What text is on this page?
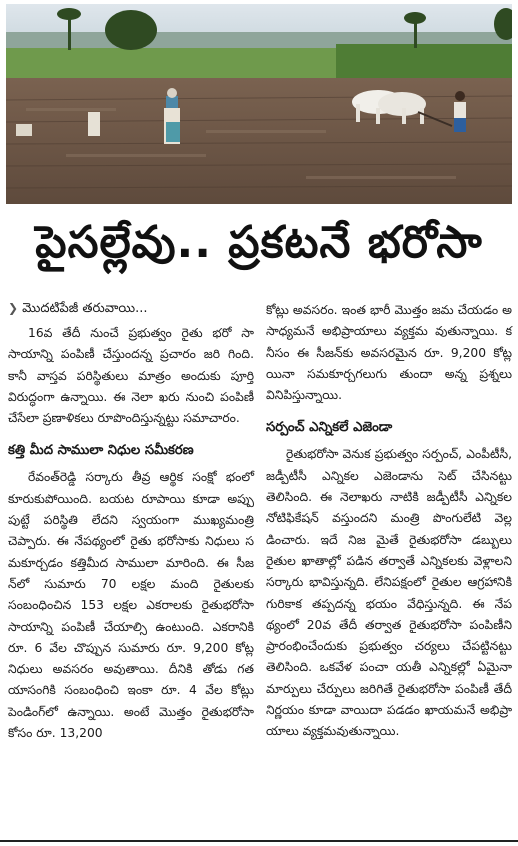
పైసల్లేవు.. ప్రకటనే భరోసా
❯ మొదటిపేజీ తరువాయి...

16వ తేదీ నుంచే ప్రభుత్వం రైతు భరో సా సాయాన్ని పంపిణీ చేస్తుందన్న ప్రచారం జరి గింది. కానీ వాస్తవ పరిస్థితులు మాత్రం అందుకు పూర్తి విరుద్ధంగా ఉన్నాయి. ఈ నెలా ఖరు నుంచి పంపిణీ చేసేలా ప్రణాళికలు రూపొందిస్తున్నట్టు సమాచారం.

కత్తి మీద సాములా నిధుల సమీకరణ

రేవంత్‌రెడ్డి సర్కారు తీవ్ర ఆర్థిక సంక్షో భంలో కూరుకుపోయింది. బయట రూపాయి కూడా అప్పు పుట్టే పరిస్థితి లేదని స్వయంగా ముఖ్యమంత్రి చెప్పారు. ఈ నేపథ్యంలో రైతు భరోసాకు నిధులు సమకూర్చడం కత్తిమీద సాములా మారింది. ఈ సీజన్‌లో సుమారు 70 లక్షల మంది రైతులకు సంబంధించిన 153 లక్షల ఎకరాలకు రైతుభరోసా సాయాన్ని పంపిణీ చేయాల్సి ఉంటుంది. ఎకరానికి రూ. 6 వేల చొప్పున సుమారు రూ. 9,200 కోట్ల నిధులు అవసరం అవుతాయి. దీనికి తోడు గత యాసంగికి సంబంధించి ఇంకా రూ. 4 వేల కోట్లు పెండింగ్‌లో ఉన్నాయి. అంటే మొత్తం రైతుభరోసా కోసం రూ. 13,200

కోట్లు అవసరం. ఇంత భారీ మొత్తం జమ చేయడం అసాధ్యమనే అభిప్రాయాలు వ్యక్తమ వుతున్నాయి. కనీసం ఈ సీజన్‌కు అవసరమైన రూ. 9,200 కోట్లయినా సమకూర్చగలుగు తుందా అన్న ప్రశ్నలు వినిపిస్తున్నాయి.

సర్పంచ్‌ ఎన్నికలే ఎజెండా

రైతుభరోసా వెనుక ప్రభుత్వం సర్పంచ్‌, ఎంపీటీసీ, జడ్పీటీసీ ఎన్నికల ఎజెండాను సెట్‌ చేసినట్టు తెలిసింది. ఈ నెలాఖరు నాటికి జడ్పీటీసీ ఎన్నికల నోటిఫికేషన్‌ వస్తుందని మంత్రి పొంగులేటి వెల్లడించారు. ఇదే నిజ మైతే రైతుభరోసా డబ్బులు రైతుల ఖాతాల్లో పడిన తర్వాతే ఎన్నికలకు వెళ్లాలని సర్కారు భావిస్తున్నది. లేనిపక్షంలో రైతుల ఆగ్రహానికి గురికాక తప్పదన్న భయం వేధిస్తున్నది. ఈ నేపథ్యంలో 20వ తేదీ తర్వాత రైతుభరోసా పంపిణీని ప్రారంభించేందుకు ప్రభుత్వం చర్యలు చేపట్టినట్టు తెలిసింది. ఒకవేళ పంచా యతీ ఎన్నికల్లో ఏమైనా మార్పులు చేర్పులు జరిగితే రైతుభరోసా పంపిణీ తేదీ నిర్ణయం కూడా వాయిదా పడడం ఖాయమనే అభిప్రా యాలు వ్యక్తమవుతున్నాయి.
